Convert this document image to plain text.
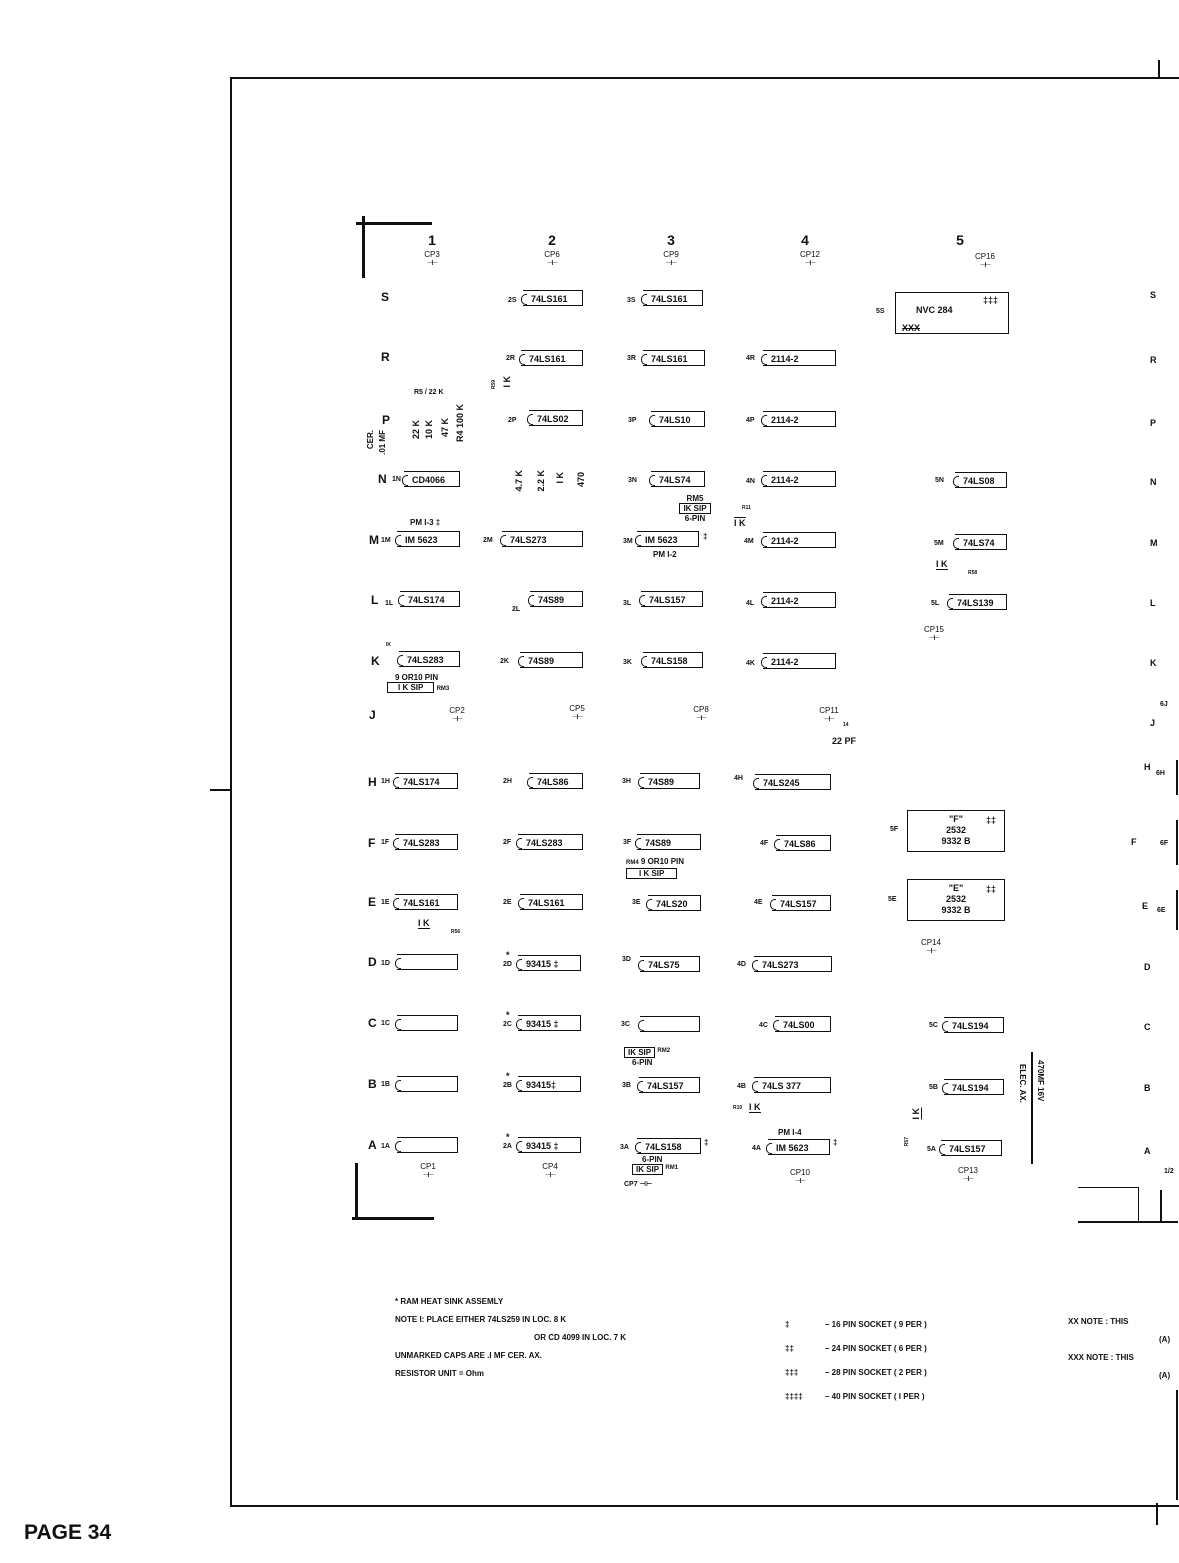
1
CP3
⊣⊢
2
CP6
⊣⊢
3
CP9
⊣⊢
4
CP12
⊣⊢
5
CP16
⊣⊢
S
R
P
N
M
L
K
J
H
F
E
D
C
B
A
S
R
P
N
M
L
K
J
H
F
E
D
C
B
A
6J
6H
6F
6E
1/2
2S	74LS161	3S	74LS161
5S	NVC 284
‡‡‡
XXX
2R	74LS161	3R	74LS161	4R	2114-2
R5 / 22 K
I K
R59
22 K 10 K 47 K R4 100 K
.01 MF
CER.
2P	74LS02	3P	74LS10	4P	2114-2
4.7 K 2.2 K I K 470
1N	CD4066	3N	74LS74	4N	2114-2	5N	74LS08
RM5
IK SIP
6-PIN
R11
I K
PM I-3 ‡
1M	IM 5623	2M	74LS273	3M	IM 5623	‡
PM I-2
4M	2114-2	5M	74LS74
I K
R58
1L	74LS174
2L
74S89	3L	74LS157	4L	2114-2	5L	74LS139
CP15
⊣⊢
IK
74LS283	2K	74S89	3K	74LS158	4K	2114-2
9 OR10 PIN
I K SIP RM3
CP2
⊣⊢
CP5
⊣⊢
CP8
⊣⊢
CP11
⊣⊢
14
22 PF
1H	74LS174	2H	74LS86	3H	74S89	4H	74LS245
1F	74LS283	2F	74LS283	3F	74S89	4F	74LS86
5F
"F"
2532
9332 B
‡‡
RM4 9 OR10 PIN
I K SIP
1E	74LS161
I K
R56
2E	74LS161	3E	74LS20	4E	74LS157	5E
"E"
2532
9332 B
‡‡
CP14
⊣⊢
1D
*
2D	93415 ‡	3D
74LS75	4D	74LS273
1C
*
2C	93415 ‡	3C	4C	74LS00	5C	74LS194
IK SIP $^{RM2}$
6-PIN	470MF 16V
ELEC. AX.
1B
*
2B	93415‡	3B	74LS157	4B	74LS 377	5B	74LS194
R10 I K
I K
R57
1A
*
2A	93415 ‡	3A	74LS158	‡
PM I-4
4A	IM 5623
‡
5A	74LS157
6-PIN
IK SIP $^{RM1}$
CP1
⊣⊢
CP4
⊣⊢
CP7 ⊣⊢
CP10
⊣⊢
CP13
⊣⊢
* RAM HEAT SINK ASSEMLY
NOTE I: PLACE EITHER 74LS259 IN LOC. 8 K
OR CD 4099 IN LOC. 7 K
UNMARKED CAPS ARE .I MF CER. AX.
RESISTOR UNIT = Ohm
‡	– 16 PIN SOCKET ( 9 PER )
‡‡	– 24 PIN SOCKET ( 6 PER )
‡‡‡	– 28 PIN SOCKET ( 2 PER )
‡‡‡‡	– 40 PIN SOCKET ( I PER )
XX NOTE : THIS
(A)
XXX NOTE : THIS
(A)
PAGE 34
